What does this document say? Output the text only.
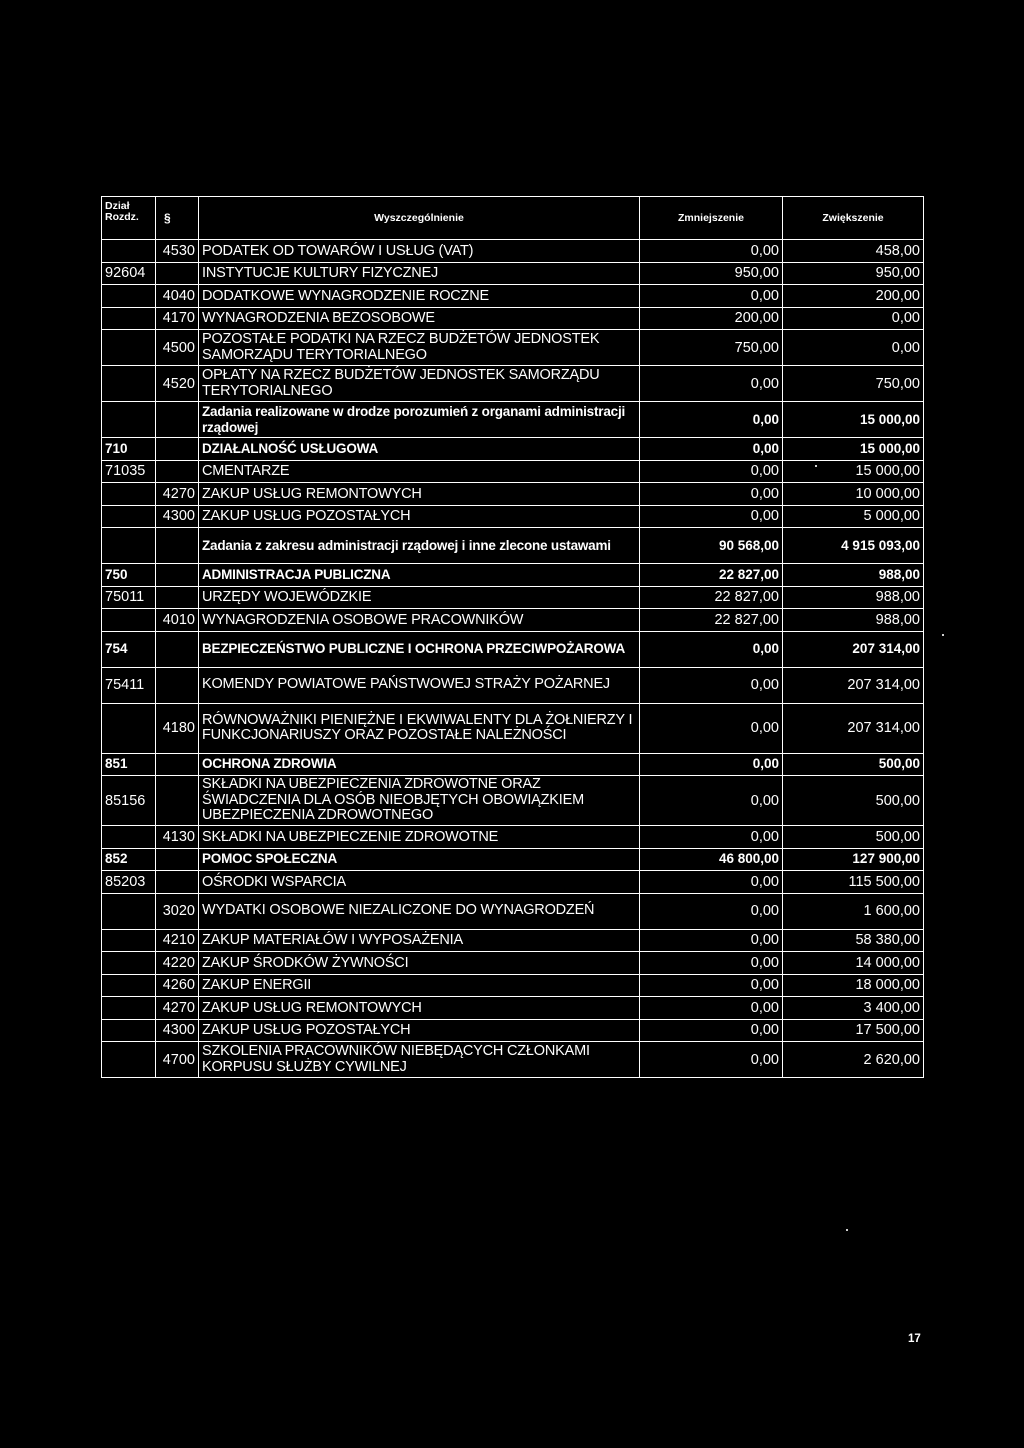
Dział
Rozdz.	§	Wyszczególnienie	Zmniejszenie	Zwiększenie
	4530	PODATEK OD TOWARÓW I USŁUG (VAT)	0,00	458,00
92604		INSTYTUCJE KULTURY FIZYCZNEJ	950,00	950,00
	4040	DODATKOWE WYNAGRODZENIE ROCZNE	0,00	200,00
	4170	WYNAGRODZENIA BEZOSOBOWE	200,00	0,00
	4500	POZOSTAŁE PODATKI NA RZECZ BUDŻETÓW JEDNOSTEK SAMORZĄDU TERYTORIALNEGO	750,00	0,00
	4520	OPŁATY NA RZECZ BUDŻETÓW JEDNOSTEK SAMORZĄDU TERYTORIALNEGO	0,00	750,00
		Zadania realizowane w drodze porozumień z organami administracji rządowej	0,00	15 000,00
710		DZIAŁALNOŚĆ USŁUGOWA	0,00	15 000,00
71035		CMENTARZE	0,00	15 000,00
	4270	ZAKUP USŁUG REMONTOWYCH	0,00	10 000,00
	4300	ZAKUP USŁUG POZOSTAŁYCH	0,00	5 000,00
		Zadania z zakresu administracji rządowej i inne zlecone ustawami	90 568,00	4 915 093,00
750		ADMINISTRACJA PUBLICZNA	22 827,00	988,00
75011		URZĘDY WOJEWÓDZKIE	22 827,00	988,00
	4010	WYNAGRODZENIA OSOBOWE PRACOWNIKÓW	22 827,00	988,00
754		BEZPIECZEŃSTWO PUBLICZNE I OCHRONA PRZECIWPOŻAROWA	0,00	207 314,00
75411		KOMENDY POWIATOWE PAŃSTWOWEJ STRAŻY POŻARNEJ	0,00	207 314,00
	4180	RÓWNOWAŻNIKI PIENIĘŻNE I EKWIWALENTY DLA ŻOŁNIERZY I FUNKCJONARIUSZY ORAZ POZOSTAŁE NALEŻNOŚCI	0,00	207 314,00
851		OCHRONA ZDROWIA	0,00	500,00
85156		SKŁADKI NA UBEZPIECZENIA ZDROWOTNE ORAZ ŚWIADCZENIA DLA OSÓB NIEOBJĘTYCH OBOWIĄZKIEM UBEZPIECZENIA ZDROWOTNEGO	0,00	500,00
	4130	SKŁADKI NA UBEZPIECZENIE ZDROWOTNE	0,00	500,00
852		POMOC SPOŁECZNA	46 800,00	127 900,00
85203		OŚRODKI WSPARCIA	0,00	115 500,00
	3020	WYDATKI OSOBOWE NIEZALICZONE DO WYNAGRODZEŃ	0,00	1 600,00
	4210	ZAKUP MATERIAŁÓW I WYPOSAŻENIA	0,00	58 380,00
	4220	ZAKUP ŚRODKÓW ŻYWNOŚCI	0,00	14 000,00
	4260	ZAKUP ENERGII	0,00	18 000,00
	4270	ZAKUP USŁUG REMONTOWYCH	0,00	3 400,00
	4300	ZAKUP USŁUG POZOSTAŁYCH	0,00	17 500,00
	4700	SZKOLENIA PRACOWNIKÓW NIEBĘDĄCYCH CZŁONKAMI KORPUSU SŁUŻBY CYWILNEJ	0,00	2 620,00
17
